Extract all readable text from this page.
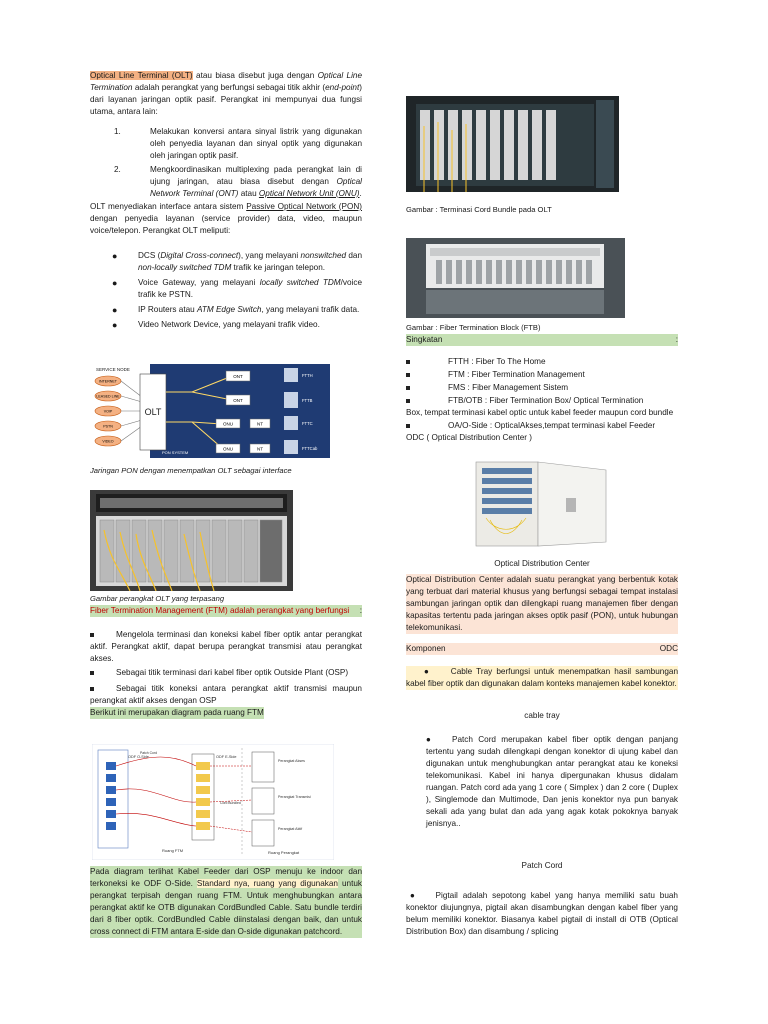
Optical Line Terminal (OLT) atau biasa disebut juga dengan Optical Line Termination adalah perangkat yang berfungsi sebagai titik akhir (end-point) dari layanan jaringan optik pasif. Perangkat ini mempunyai dua fungsi utama, antara lain:

1.	Melakukan konversi antara sinyal listrik yang digunakan oleh penyedia layanan dan sinyal optik yang digunakan oleh jaringan optik pasif.

2.	Mengkoordinasikan multiplexing pada perangkat lain di ujung jaringan, atau biasa disebut dengan Optical Network Terminal (ONT) atau Optical Network Unit (ONU).

OLT menyediakan interface antara sistem Passive Optical Network (PON) dengan penyedia layanan (service provider) data, video, maupun voice/telepon. Perangkat OLT meliputi:

●	DCS (Digital Cross-connect), yang melayani nonswitched dan non-locally switched TDM trafik ke jaringan telepon.

●	Voice Gateway, yang melayani locally switched TDM/voice trafik ke PSTN.

●	IP Routers atau ATM Edge Switch, yang melayani trafik data.

●	Video Network Device, yang melayani trafik video.

SERVICE NODE
INTERNET
LEASED LINE
VOIP
PSTN
VIDEO
PON SYSTEM
OLT
ONT
ONT
ONU
ONU
NT
NT
FTTH
FTTB
FTTC
FTTCab
Jaringan PON dengan menempatkan OLT sebagai interface
Gambar perangkat OLT yang terpasang

Fiber Termination Management (FTM) adalah perangkat yang berfungsi	:

Mengelola terminasi dan koneksi kabel fiber optik antar perangkat aktif. Perangkat aktif, dapat berupa perangkat transmisi atau perangkat akses.

Sebagai titik terminasi dari kabel fiber optik Outside Plant (OSP)

Sebagai titik koneksi antara perangkat aktif transmisi maupun perangkat aktif akses dengan OSP

Berikut ini merupakan diagram pada ruang FTM
ODF O-Side	ODF E-Side
Patch Cord
Perangkat Akses
Perangkat Transmisi
Perangkat Aktif
Cord Bundled
Ruang FTM	Ruang Perangkat

Pada diagram terlihat Kabel Feeder dari OSP menuju ke indoor dan terkoneksi ke ODF O-Side. Standard nya, ruang yang digunakan untuk perangkat terpisah dengan ruang FTM. Untuk menghubungkan antara perangkat aktif ke OTB digunakan CordBundled Cable. Satu bundle terdiri dari 8 fiber optik. CordBundled Cable diinstalasi dengan baik, dan untuk cross connect di FTM antara E-side dan O-side digunakan patchcord.

Gambar : Terminasi Cord Bundle pada OLT
Gambar : Fiber Termination Block (FTB)
Singkatan	:

FTTH : Fiber To The Home

FTM : Fiber Termination Management

FMS : Fiber Management Sistem

FTB/OTB : Fiber Termination Box/ Optical Termination
Box, tempat terminasi kabel optic untuk kabel feeder maupun cord bundle

OA/O-Side : OpticalAkses,tempat terminasi kabel Feeder
ODC ( Optical Distribution Center )

Optical Distribution Center

Optical Distribution Center adalah suatu perangkat yang berbentuk kotak yang terbuat dari material khusus yang berfungsi sebagai tempat instalasi sambungan jaringan optik dan dilengkapi ruang manajemen fiber dengan kapasitas tertentu pada jaringan akses optik pasif (PON), untuk hubungan telekomunikasi.

Komponen	ODC

● Cable Tray berfungsi untuk menempatkan hasil sambungan kabel fiber optik dan digunakan dalam konteks manajemen kabel konektor.

cable tray

● Patch Cord merupakan kabel fiber optik dengan panjang tertentu yang sudah dilengkapi dengan konektor di ujung kabel dan digunakan untuk menghubungkan antar perangkat atau ke koneksi telekomunikasi. Kabel ini hanya dipergunakan khusus didalam ruangan. Patch cord ada yang 1 core ( Simplex ) dan 2 core ( Duplex ), Singlemode dan Multimode, Dan jenis konektor nya pun banyak sekali ada yang bulat dan ada yang agak kotak pokoknya banyak jenisnya..

Patch Cord

● Pigtail adalah sepotong kabel yang hanya memiliki satu buah konektor diujungnya, pigtail akan disambungkan dengan kabel fiber yang belum memiliki konektor. Biasanya kabel pigtail di install di OTB (Optical Distribution Box) dan disambung / splicing
